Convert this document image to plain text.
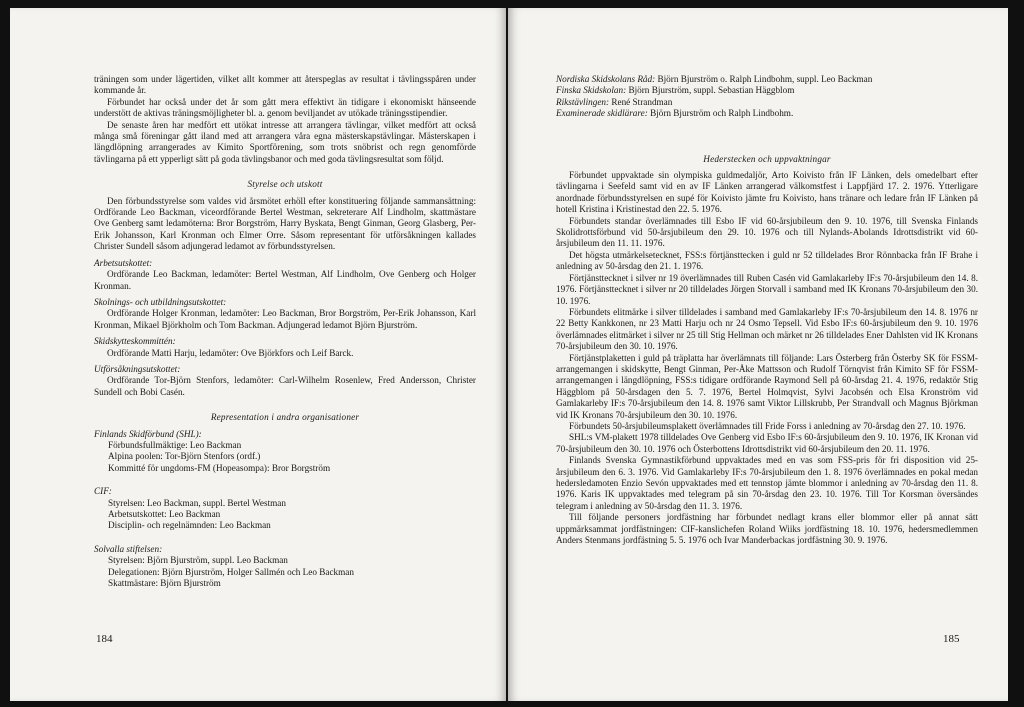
träningen som under lägertiden, vilket allt kommer att återspeglas av resultat i tävlingsspåren under kommande år.

Förbundet har också under det år som gått mera effektivt än tidigare i ekonomiskt hänseende understött de aktivas träningsmöjligheter bl. a. genom beviljandet av utökade träningsstipendier.

De senaste åren har medfört ett utökat intresse att arrangera tävlingar, vilket medfört att också många små föreningar gått iland med att arrangera våra egna mästerskapstävlingar. Mästerskapen i längdlöpning arrangerades av Kimito Sportförening, som trots snöbrist och regn genomförde tävlingarna på ett ypperligt sätt på goda tävlingsbanor och med goda tävlingsresultat som följd.

Styrelse och utskott

Den förbundsstyrelse som valdes vid årsmötet erhöll efter konstituering följande sammansättning: Ordförande Leo Backman, viceordförande Bertel Westman, sekreterare Alf Lindholm, skattmästare Ove Genberg samt ledamöterna: Bror Borgström, Harry Byskata, Bengt Ginman, Georg Glasberg, Per-Erik Johansson, Karl Kronman och Elmer Orre. Såsom representant för utförsåkningen kallades Christer Sundell såsom adjungerad ledamot av förbundsstyrelsen.

Arbetsutskottet:

Ordförande Leo Backman, ledamöter: Bertel Westman, Alf Lindholm, Ove Genberg och Holger Kronman.

Skolnings- och utbildningsutskottet:

Ordförande Holger Kronman, ledamöter: Leo Backman, Bror Borgström, Per-Erik Johansson, Karl Kronman, Mikael Björkholm och Tom Backman. Adjungerad ledamot Björn Bjurström.

Skidskytteskommittén:

Ordförande Matti Harju, ledamöter: Ove Björkfors och Leif Barck.

Utförsåkningsutskottet:

Ordförande Tor-Björn Stenfors, ledamöter: Carl-Wilhelm Rosenlew, Fred Andersson, Christer Sundell och Bobi Casén.

Representation i andra organisationer

Finlands Skidförbund (SHL):

Förbundsfullmäktige: Leo Backman

Alpina poolen: Tor-Björn Stenfors (ordf.)

Kommitté för ungdoms-FM (Hopeasompa): Bror Borgström

CIF:

Styrelsen: Leo Backman, suppl. Bertel Westman

Arbetsutskottet: Leo Backman

Disciplin- och regelnämnden: Leo Backman

Solvalla stiftelsen:

Styrelsen: Björn Bjurström, suppl. Leo Backman

Delegationen: Björn Bjurström, Holger Sallmén och Leo Backman

Skattmästare: Björn Bjurström

184

Nordiska Skidskolans Råd: Björn Bjurström o. Ralph Lindbohm, suppl. Leo Backman

Finska Skidskolan: Björn Bjurström, suppl. Sebastian Häggblom

Rikstävlingen: René Strandman

Examinerade skidlärare: Björn Bjurström och Ralph Lindbohm.

Hederstecken och uppvaktningar

Förbundet uppvaktade sin olympiska guldmedaljör, Arto Koivisto från IF Länken, dels omedelbart efter tävlingarna i Seefeld samt vid en av IF Länken arrangerad välkomstfest i Lappfjärd 17. 2. 1976. Ytterligare anordnade förbundsstyrelsen en supé för Koivisto jämte fru Koivisto, hans tränare och ledare från IF Länken på hotell Kristina i Kristinestad den 22. 5. 1976.

Förbundets standar överlämnades till Esbo IF vid 60-årsjubileum den 9. 10. 1976, till Svenska Finlands Skolidrottsförbund vid 50-årsjubileum den 29. 10. 1976 och till Nylands-Abolands Idrottsdistrikt vid 60-årsjubileum den 11. 11. 1976.

Det högsta utmärkelsetecknet, FSS:s förtjänsttecken i guld nr 52 tilldelades Bror Rönnbacka från IF Brahe i anledning av 50-årsdag den 21. 1. 1976.

Förtjänsttecknet i silver nr 19 överlämnades till Ruben Casén vid Gamlakarleby IF:s 70-årsjubileum den 14. 8. 1976. Förtjänsttecknet i silver nr 20 tilldelades Jörgen Storvall i samband med IK Kronans 70-årsjubileum den 30. 10. 1976.

Förbundets elitmärke i silver tilldelades i samband med Gamlakarleby IF:s 70-årsjubileum den 14. 8. 1976 nr 22 Betty Kankkonen, nr 23 Matti Harju och nr 24 Osmo Tepsell. Vid Esbo IF:s 60-årsjubileum den 9. 10. 1976 överlämnades elitmärket i silver nr 25 till Stig Hellman och märket nr 26 tilldelades Ener Dahlsten vid IK Kronans 70-årsjubileum den 30. 10. 1976.

Förtjänstplaketten i guld på träplatta har överlämnats till följande: Lars Österberg från Österby SK för FSSM-arrangemangen i skidskytte, Bengt Ginman, Per-Åke Mattsson och Rudolf Törnqvist från Kimito SF för FSSM-arrangemangen i längdlöpning, FSS:s tidigare ordförande Raymond Sell på 60-årsdag 21. 4. 1976, redaktör Stig Häggblom på 50-årsdagen den 5. 7. 1976, Bertel Holmqvist, Sylvi Jacobsén och Elsa Kronström vid Gamlakarleby IF:s 70-årsjubileum den 14. 8. 1976 samt Viktor Lillskrubb, Per Strandvall och Magnus Björkman vid IK Kronans 70-årsjubileum den 30. 10. 1976.

Förbundets 50-årsjubileumsplakett överlämnades till Fride Forss i anledning av 70-årsdag den 27. 10. 1976.

SHL:s VM-plakett 1978 tilldelades Ove Genberg vid Esbo IF:s 60-årsjubileum den 9. 10. 1976, IK Kronan vid 70-årsjubileum den 30. 10. 1976 och Österbottens Idrottsdistrikt vid 60-årsjubileum den 20. 11. 1976.

Finlands Svenska Gymnastikförbund uppvaktades med en vas som FSS-pris för fri disposition vid 25-årsjubileum den 6. 3. 1976. Vid Gamlakarleby IF:s 70-årsjubileum den 1. 8. 1976 överlämnades en pokal medan hedersledamoten Enzio Sevón uppvaktades med ett tennstop jämte blommor i anledning av 70-årsdag den 11. 8. 1976. Karis IK uppvaktades med telegram på sin 70-årsdag den 23. 10. 1976. Till Tor Korsman översändes telegram i anledning av 50-årsdag den 11. 3. 1976.

Till följande personers jordfästning har förbundet nedlagt krans eller blommor eller på annat sätt uppmärksammat jordfästningen: CIF-kanslichefen Roland Wiiks jordfästning 18. 10. 1976, hedersmedlemmen Anders Stenmans jordfästning 5. 5. 1976 och Ivar Manderbackas jordfästning 30. 9. 1976.

185
